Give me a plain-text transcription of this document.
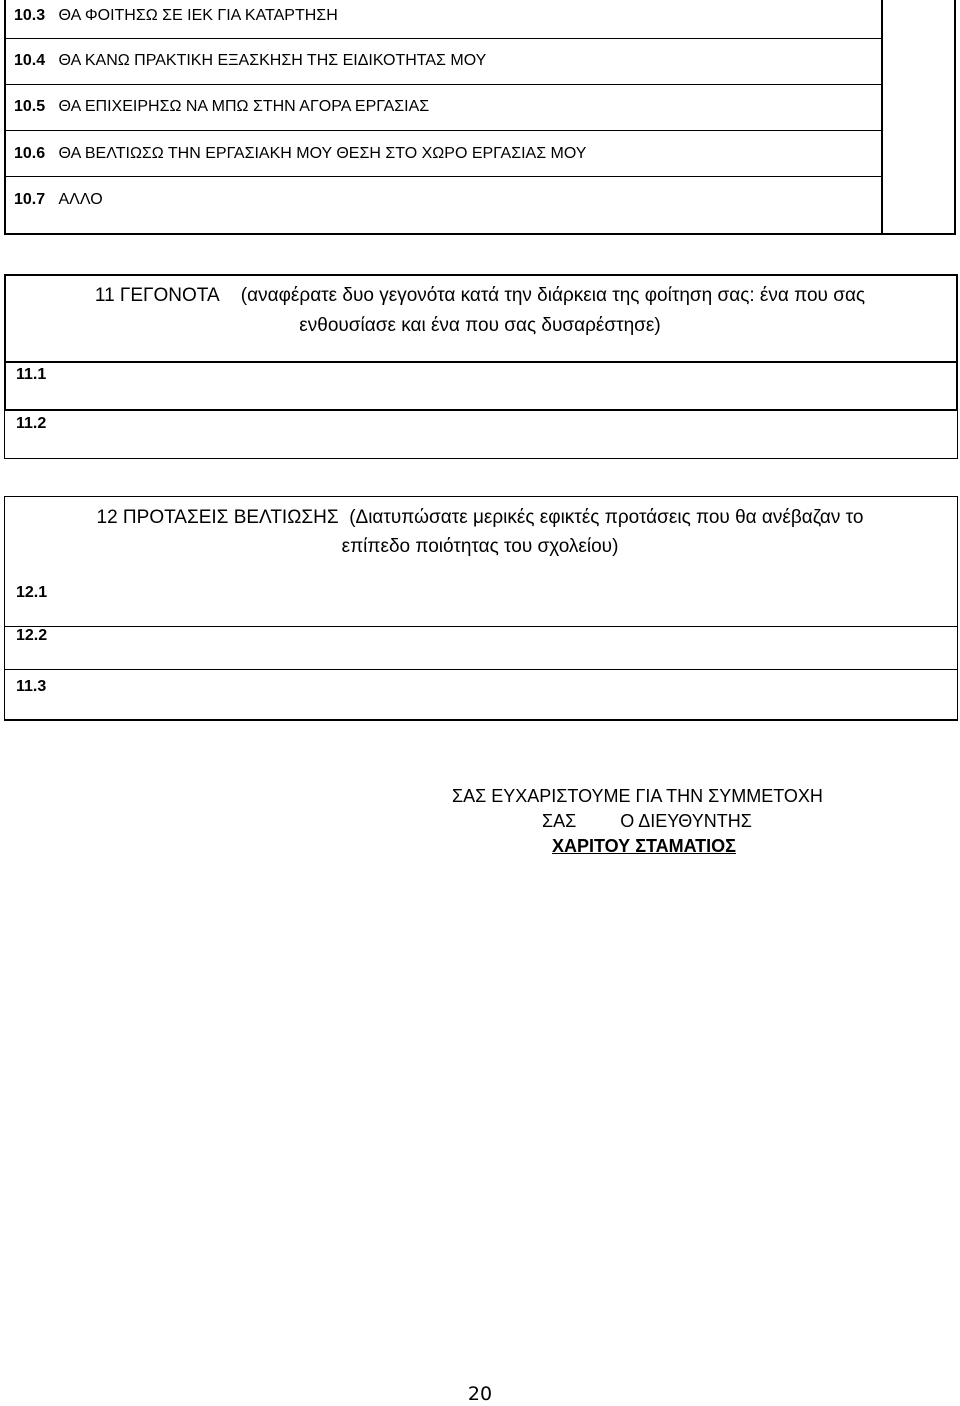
10.3 ΘΑ ΦΟΙΤΗΣΩ ΣΕ ΙΕΚ ΓΙΑ ΚΑΤΑΡΤΗΣΗ
10.4 ΘΑ ΚΑΝΩ ΠΡΑΚΤΙΚΗ ΕΞΑΣΚΗΣΗ ΤΗΣ ΕΙΔΙΚΟΤΗΤΑΣ ΜΟΥ
10.5 ΘΑ ΕΠΙΧΕΙΡΗΣΩ ΝΑ ΜΠΩ ΣΤΗΝ ΑΓΟΡΑ ΕΡΓΑΣΙΑΣ
10.6 ΘΑ ΒΕΛΤΙΩΣΩ ΤΗΝ ΕΡΓΑΣΙΑΚΗ ΜΟΥ ΘΕΣΗ ΣΤΟ ΧΩΡΟ ΕΡΓΑΣΙΑΣ ΜΟΥ
10.7 ΑΛΛΟ
11 ΓΕΓΟΝΟΤΑ (αναφέρατε δυο γεγονότα κατά την διάρκεια της φοίτηση σας: ένα που σας
ενθουσίασε και ένα που σας δυσαρέστησε)
11.1
11.2
12 ΠΡΟΤΑΣΕΙΣ ΒΕΛΤΙΩΣΗΣ (Διατυπώσατε μερικές εφικτές προτάσεις που θα ανέβαζαν το
επίπεδο ποιότητας του σχολείου)
12.1
12.2
11.3
ΣΑΣ ΕΥΧΑΡΙΣΤΟΥΜΕ ΓΙΑ ΤΗΝ ΣΥΜΜΕΤΟΧΗ
ΣΑΣ Ο ΔΙΕΥΘΥΝΤΗΣ
ΧΑΡΙΤΟΥ ΣΤΑΜΑΤΙΟΣ
20
